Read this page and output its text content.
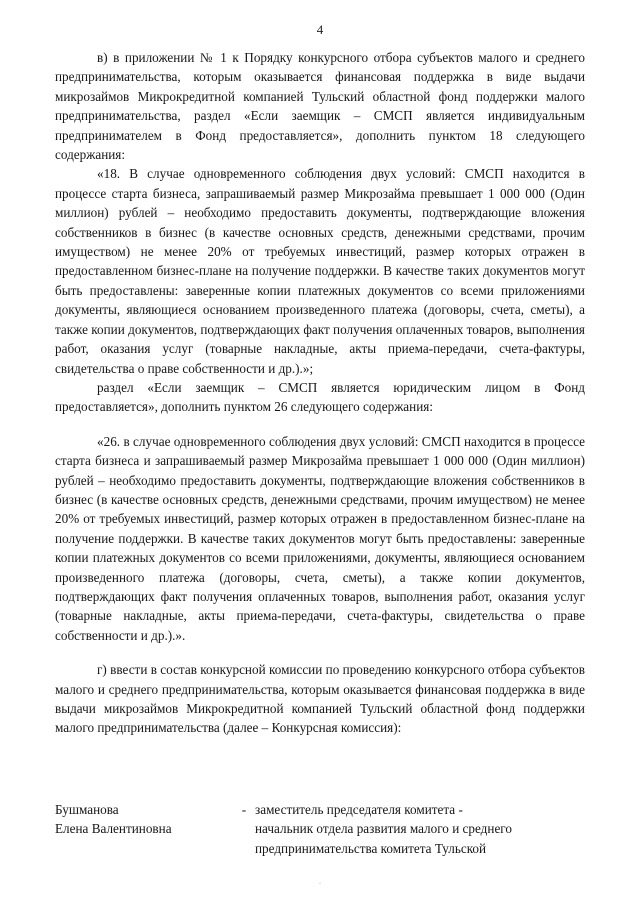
4

в) в приложении № 1 к Порядку конкурсного отбора субъектов малого и среднего предпринимательства, которым оказывается финансовая поддержка в виде выдачи микрозаймов Микрокредитной компанией Тульский областной фонд поддержки малого предпринимательства, раздел «Если заемщик – СМСП является индивидуальным предпринимателем в Фонд предоставляется», дополнить пунктом 18 следующего содержания:

«18. В случае одновременного соблюдения двух условий: СМСП находится в процессе старта бизнеса, запрашиваемый размер Микрозайма превышает 1 000 000 (Один миллион) рублей – необходимо предоставить документы, подтверждающие вложения собственников в бизнес (в качестве основных средств, денежными средствами, прочим имуществом) не менее 20% от требуемых инвестиций, размер которых отражен в предоставленном бизнес-плане на получение поддержки. В качестве таких документов могут быть предоставлены: заверенные копии платежных документов со всеми приложениями документы, являющиеся основанием произведенного платежа (договоры, счета, сметы), а также копии документов, подтверждающих факт получения оплаченных товаров, выполнения работ, оказания услуг (товарные накладные, акты приема-передачи, счета-фактуры, свидетельства о праве собственности и др.).»;

раздел «Если заемщик – СМСП является юридическим лицом в Фонд предоставляется», дополнить пунктом 26 следующего содержания:

«26. в случае одновременного соблюдения двух условий: СМСП находится в процессе старта бизнеса и запрашиваемый размер Микрозайма превышает 1 000 000 (Один миллион) рублей – необходимо предоставить документы, подтверждающие вложения собственников в бизнес (в качестве основных средств, денежными средствами, прочим имуществом) не менее 20% от требуемых инвестиций, размер которых отражен в предоставленном бизнес-плане на получение поддержки. В качестве таких документов могут быть предоставлены: заверенные копии платежных документов со всеми приложениями, документы, являющиеся основанием произведенного платежа (договоры, счета, сметы), а также копии документов, подтверждающих факт получения оплаченных товаров, выполнения работ, оказания услуг (товарные накладные, акты приема-передачи, счета-фактуры, свидетельства о праве собственности и др.).».

г) ввести в состав конкурсной комиссии по проведению конкурсного отбора субъектов малого и среднего предпринимательства, которым оказывается финансовая поддержка в виде выдачи микрозаймов Микрокредитной компанией Тульский областной фонд поддержки малого предпринимательства (далее – Конкурсная комиссия):

Бушманова
Елена Валентиновна
- заместитель председателя комитета -
начальник отдела развития малого и среднего
предпринимательства комитета Тульской
.
